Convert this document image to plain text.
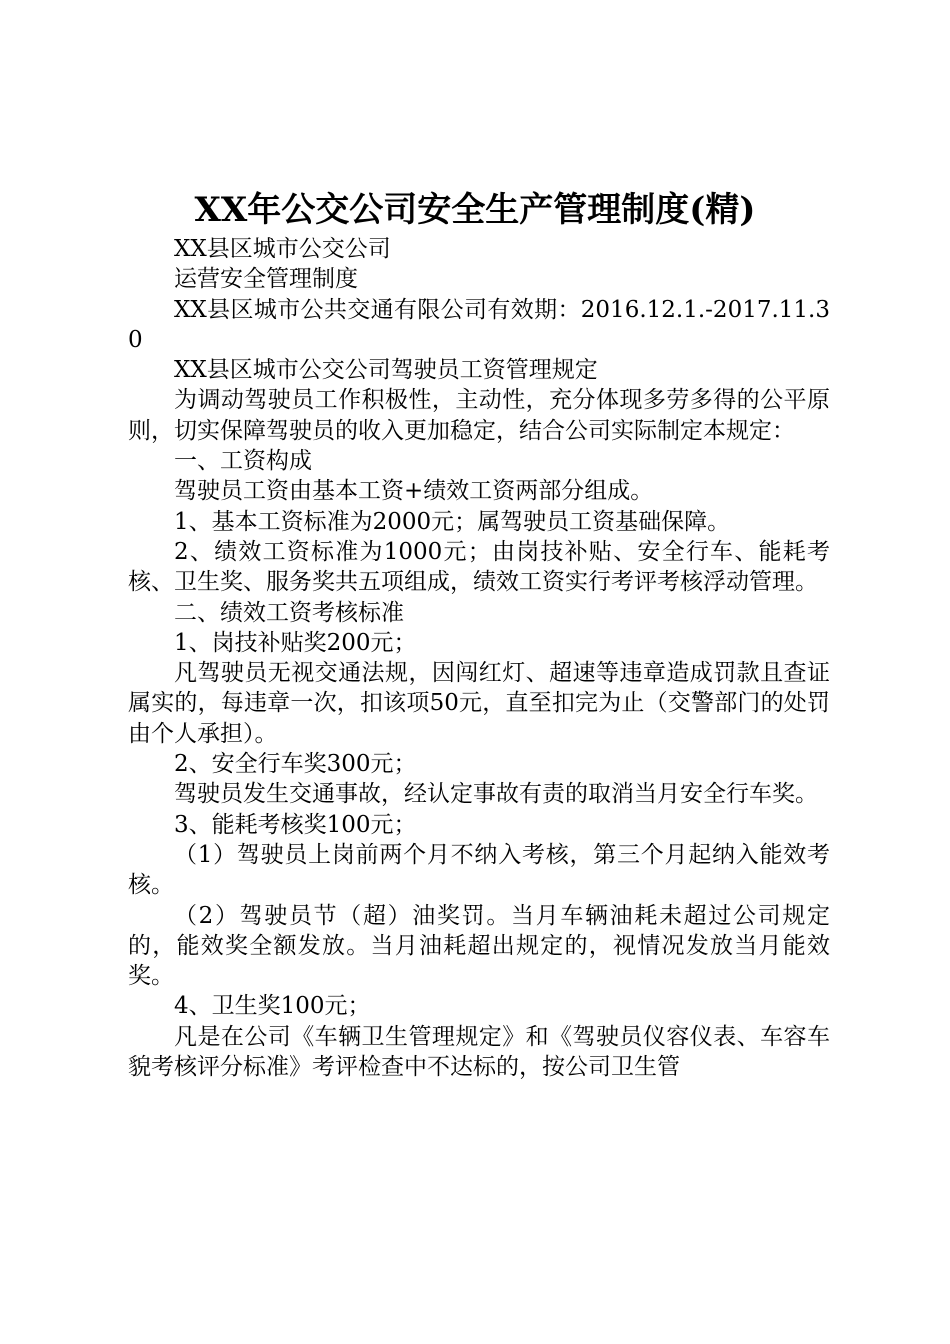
XX年公交公司安全生产管理制度(精)

XX县区城市公交公司

运营安全管理制度

XX县区城市公共交通有限公司有效期：2016.12.1.-2017.11.30

XX县区城市公交公司驾驶员工资管理规定

为调动驾驶员工作积极性，主动性，充分体现多劳多得的公平原则，切实保障驾驶员的收入更加稳定，结合公司实际制定本规定：

一、工资构成

驾驶员工资由基本工资+绩效工资两部分组成。

1、基本工资标准为2000元；属驾驶员工资基础保障。

2、绩效工资标准为1000元；由岗技补贴、安全行车、能耗考核、卫生奖、服务奖共五项组成，绩效工资实行考评考核浮动管理。

二、绩效工资考核标准

1、岗技补贴奖200元；

凡驾驶员无视交通法规，因闯红灯、超速等违章造成罚款且查证属实的，每违章一次，扣该项50元，直至扣完为止（交警部门的处罚由个人承担）。

2、安全行车奖300元；

驾驶员发生交通事故，经认定事故有责的取消当月安全行车奖。

3、能耗考核奖100元；

（1）驾驶员上岗前两个月不纳入考核，第三个月起纳入能效考核。

（2）驾驶员节（超）油奖罚。当月车辆油耗未超过公司规定的，能效奖全额发放。当月油耗超出规定的，视情况发放当月能效奖。

4、卫生奖100元；

凡是在公司《车辆卫生管理规定》和《驾驶员仪容仪表、车容车貌考核评分标准》考评检查中不达标的，按公司卫生管
